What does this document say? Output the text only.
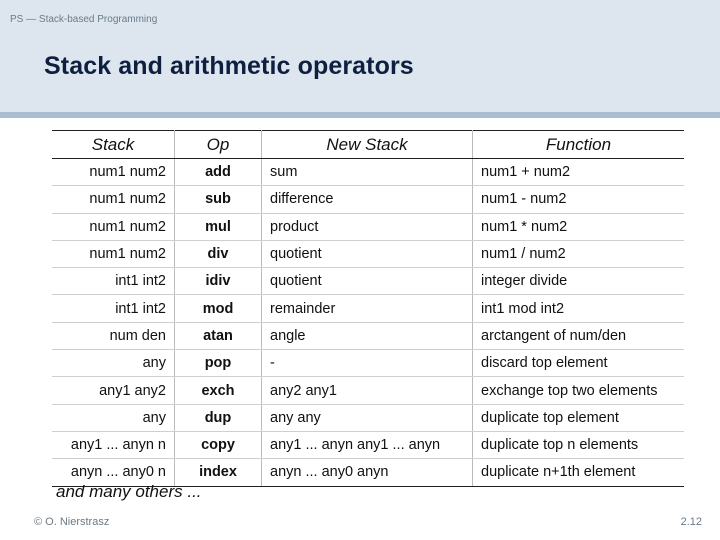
PS — Stack-based Programming
Stack and arithmetic operators
Stack	Op	New Stack	Function
num1 num2	add	sum	num1 + num2
num1 num2	sub	difference	num1 - num2
num1 num2	mul	product	num1 * num2
num1 num2	div	quotient	num1 / num2
int1 int2	idiv	quotient	integer divide
int1 int2	mod	remainder	int1 mod int2
num den	atan	angle	arctangent of num/den
any	pop	-	discard top element
any1 any2	exch	any2 any1	exchange top two elements
any	dup	any any	duplicate top element
any1 ... anyn n	copy	any1 ... anyn any1 ... anyn	duplicate top n elements
anyn ... any0 n	index	anyn ... any0 anyn	duplicate n+1th element
and many others ...
© O. Nierstrasz	2.12
